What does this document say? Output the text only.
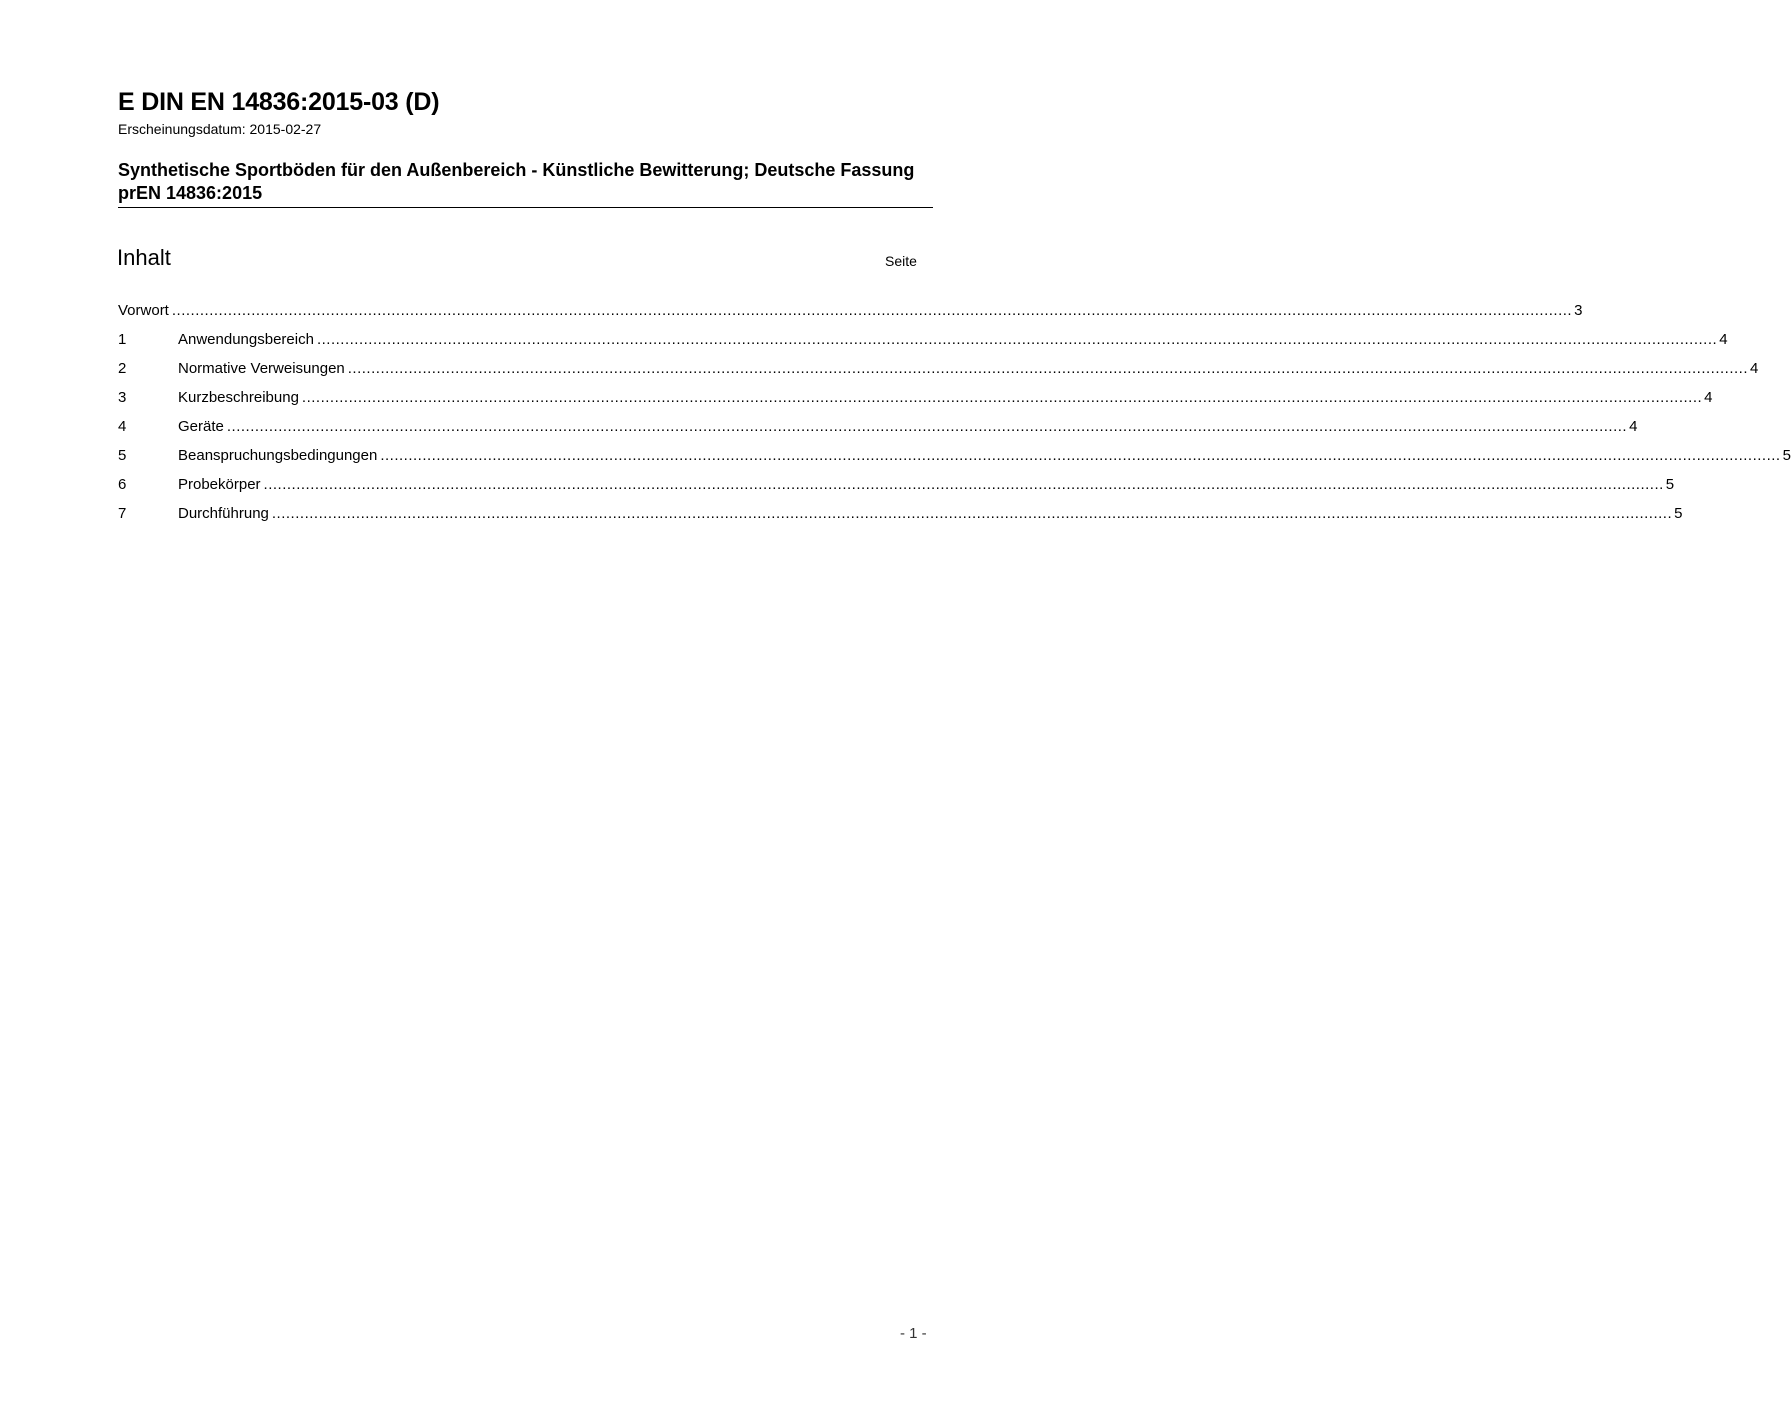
E DIN EN 14836:2015-03 (D)
Erscheinungsdatum: 2015-02-27
Synthetische Sportböden für den Außenbereich - Künstliche Bewitterung; Deutsche Fassung prEN 14836:2015
Inhalt	Seite
Vorwort ............................................................................................................................................................................................................................................................................................................ 3
1	Anwendungsbereich ............................................................................................................................................................................................................................................................................................................ 4
2	Normative Verweisungen ............................................................................................................................................................................................................................................................................................................ 4
3	Kurzbeschreibung ............................................................................................................................................................................................................................................................................................................ 4
4	Geräte ............................................................................................................................................................................................................................................................................................................ 4
5	Beanspruchungsbedingungen ............................................................................................................................................................................................................................................................................................................ 5
6	Probekörper ............................................................................................................................................................................................................................................................................................................ 5
7	Durchführung ............................................................................................................................................................................................................................................................................................................ 5
- 1 -
